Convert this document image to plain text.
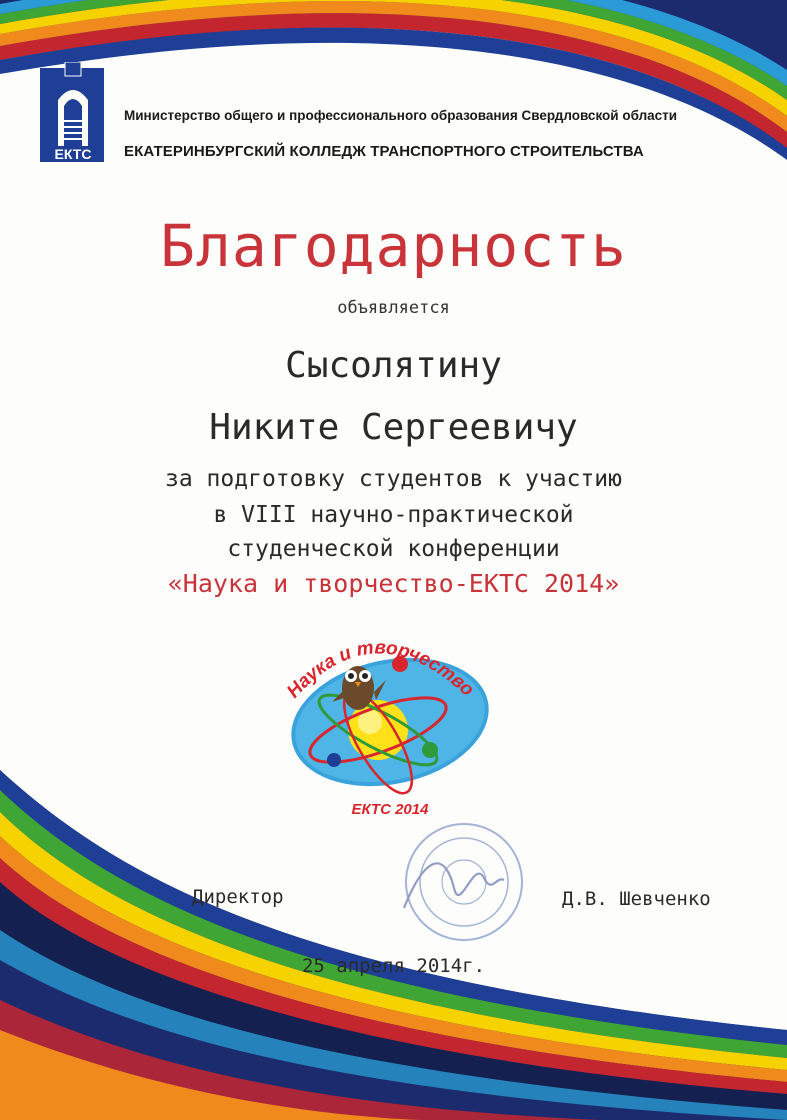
ЕКТС
Министерство общего и профессионального образования Свердловской области
ЕКАТЕРИНБУРГСКИЙ КОЛЛЕДЖ ТРАНСПОРТНОГО СТРОИТЕЛЬСТВА
Благодарность
объявляется
Сысолятину
Никите Сергеевичу
за подготовку студентов к участию
в VIII научно-практической
студенческой конференции
«Наука и творчество-ЕКТС 2014»
Наука и творчество
ЕКТС 2014
Директор	Д.В. Шевченко
25 апреля 2014г.
